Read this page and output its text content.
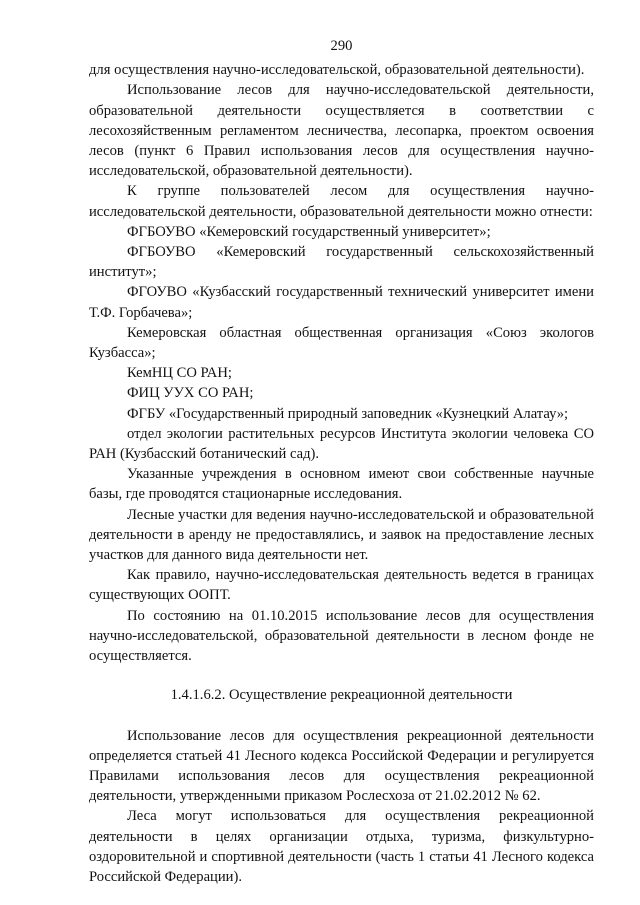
290

для осуществления научно-исследовательской, образовательной деятельности).

Использование лесов для научно-исследовательской деятельности, образовательной деятельности осуществляется в соответствии с лесохозяйственным регламентом лесничества, лесопарка, проектом освоения лесов (пункт 6 Правил использования лесов для осуществления научно-исследовательской, образовательной деятельности).

К группе пользователей лесом для осуществления научно-исследовательской деятельности, образовательной деятельности можно отнести:

ФГБОУВО «Кемеровский государственный университет»;

ФГБОУВО «Кемеровский государственный сельскохозяйственный институт»;

ФГОУВО «Кузбасский государственный технический университет имени Т.Ф. Горбачева»;

Кемеровская областная общественная организация «Союз экологов Кузбасса»;

КемНЦ СО РАН;

ФИЦ УУХ СО РАН;

ФГБУ «Государственный природный заповедник «Кузнецкий Алатау»;

отдел экологии растительных ресурсов Института экологии человека СО РАН (Кузбасский ботанический сад).

Указанные учреждения в основном имеют свои собственные научные базы, где проводятся стационарные исследования.

Лесные участки для ведения научно-исследовательской и образовательной деятельности в аренду не предоставлялись, и заявок на предоставление лесных участков для данного вида деятельности нет.

Как правило, научно-исследовательская деятельность ведется в границах существующих ООПТ.

По состоянию на 01.10.2015 использование лесов для осуществления научно-исследовательской, образовательной деятельности в лесном фонде не осуществляется.

1.4.1.6.2. Осуществление рекреационной деятельности

Использование лесов для осуществления рекреационной деятельности определяется статьей 41 Лесного кодекса Российской Федерации и регулируется Правилами использования лесов для осуществления рекреационной деятельности, утвержденными приказом Рослесхоза от 21.02.2012 № 62.

Леса могут использоваться для осуществления рекреационной деятельности в целях организации отдыха, туризма, физкультурно-оздоровительной и спортивной деятельности (часть 1 статьи 41 Лесного кодекса Российской Федерации).
